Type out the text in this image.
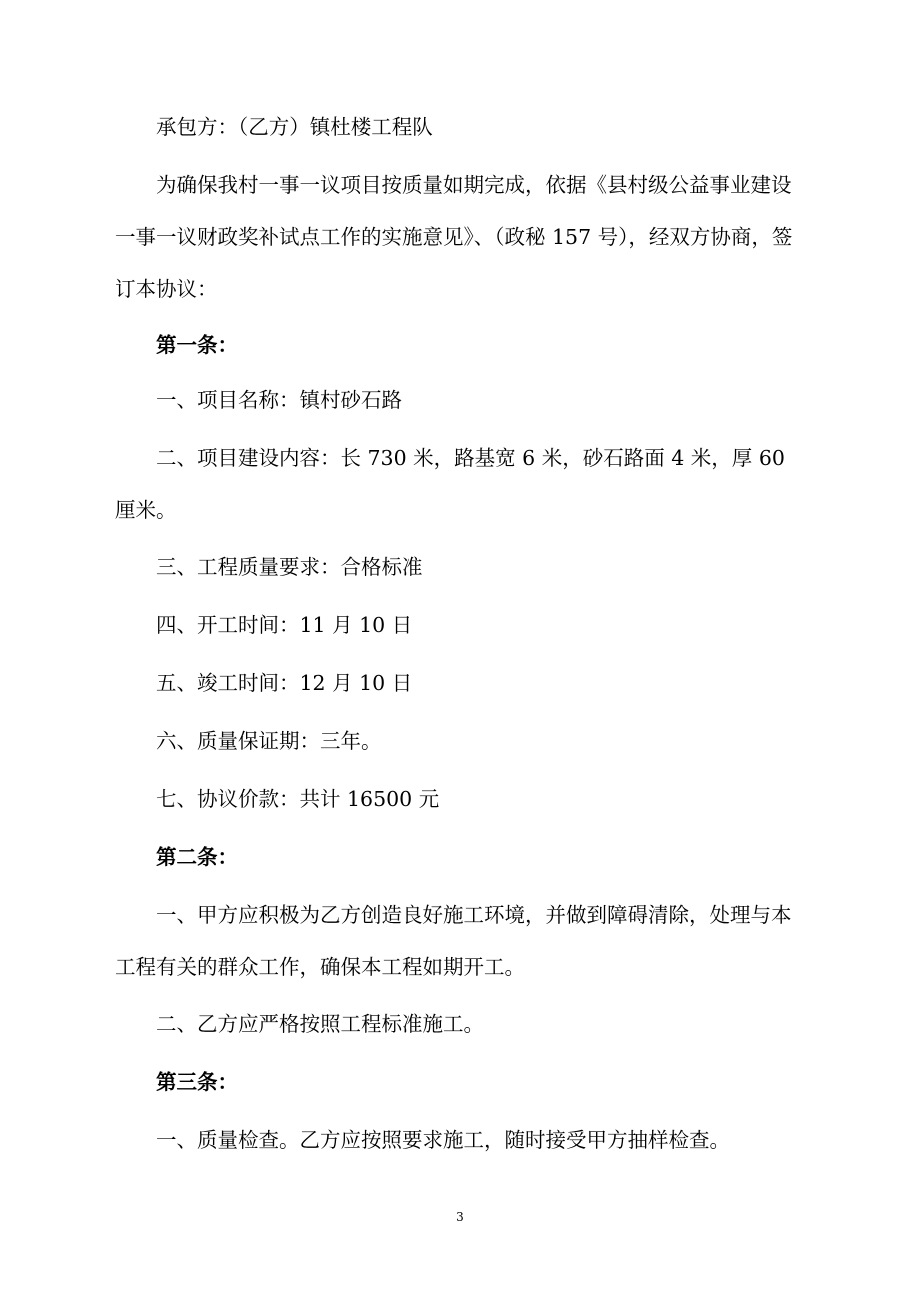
承包方：（乙方）镇杜楼工程队

为确保我村一事一议项目按质量如期完成，依据《县村级公益事业建设一事一议财政奖补试点工作的实施意见》、（政秘 157 号），经双方协商，签订本协议：

第一条：

一、项目名称：镇村砂石路

二、项目建设内容：长 730 米，路基宽 6 米，砂石路面 4 米，厚 60 厘米。

三、工程质量要求：合格标准

四、开工时间：11 月 10 日

五、竣工时间：12 月 10 日

六、质量保证期：三年。

七、协议价款：共计 16500 元

第二条：

一、甲方应积极为乙方创造良好施工环境，并做到障碍清除，处理与本工程有关的群众工作，确保本工程如期开工。

二、乙方应严格按照工程标准施工。

第三条：

一、质量检查。乙方应按照要求施工，随时接受甲方抽样检查。

3
